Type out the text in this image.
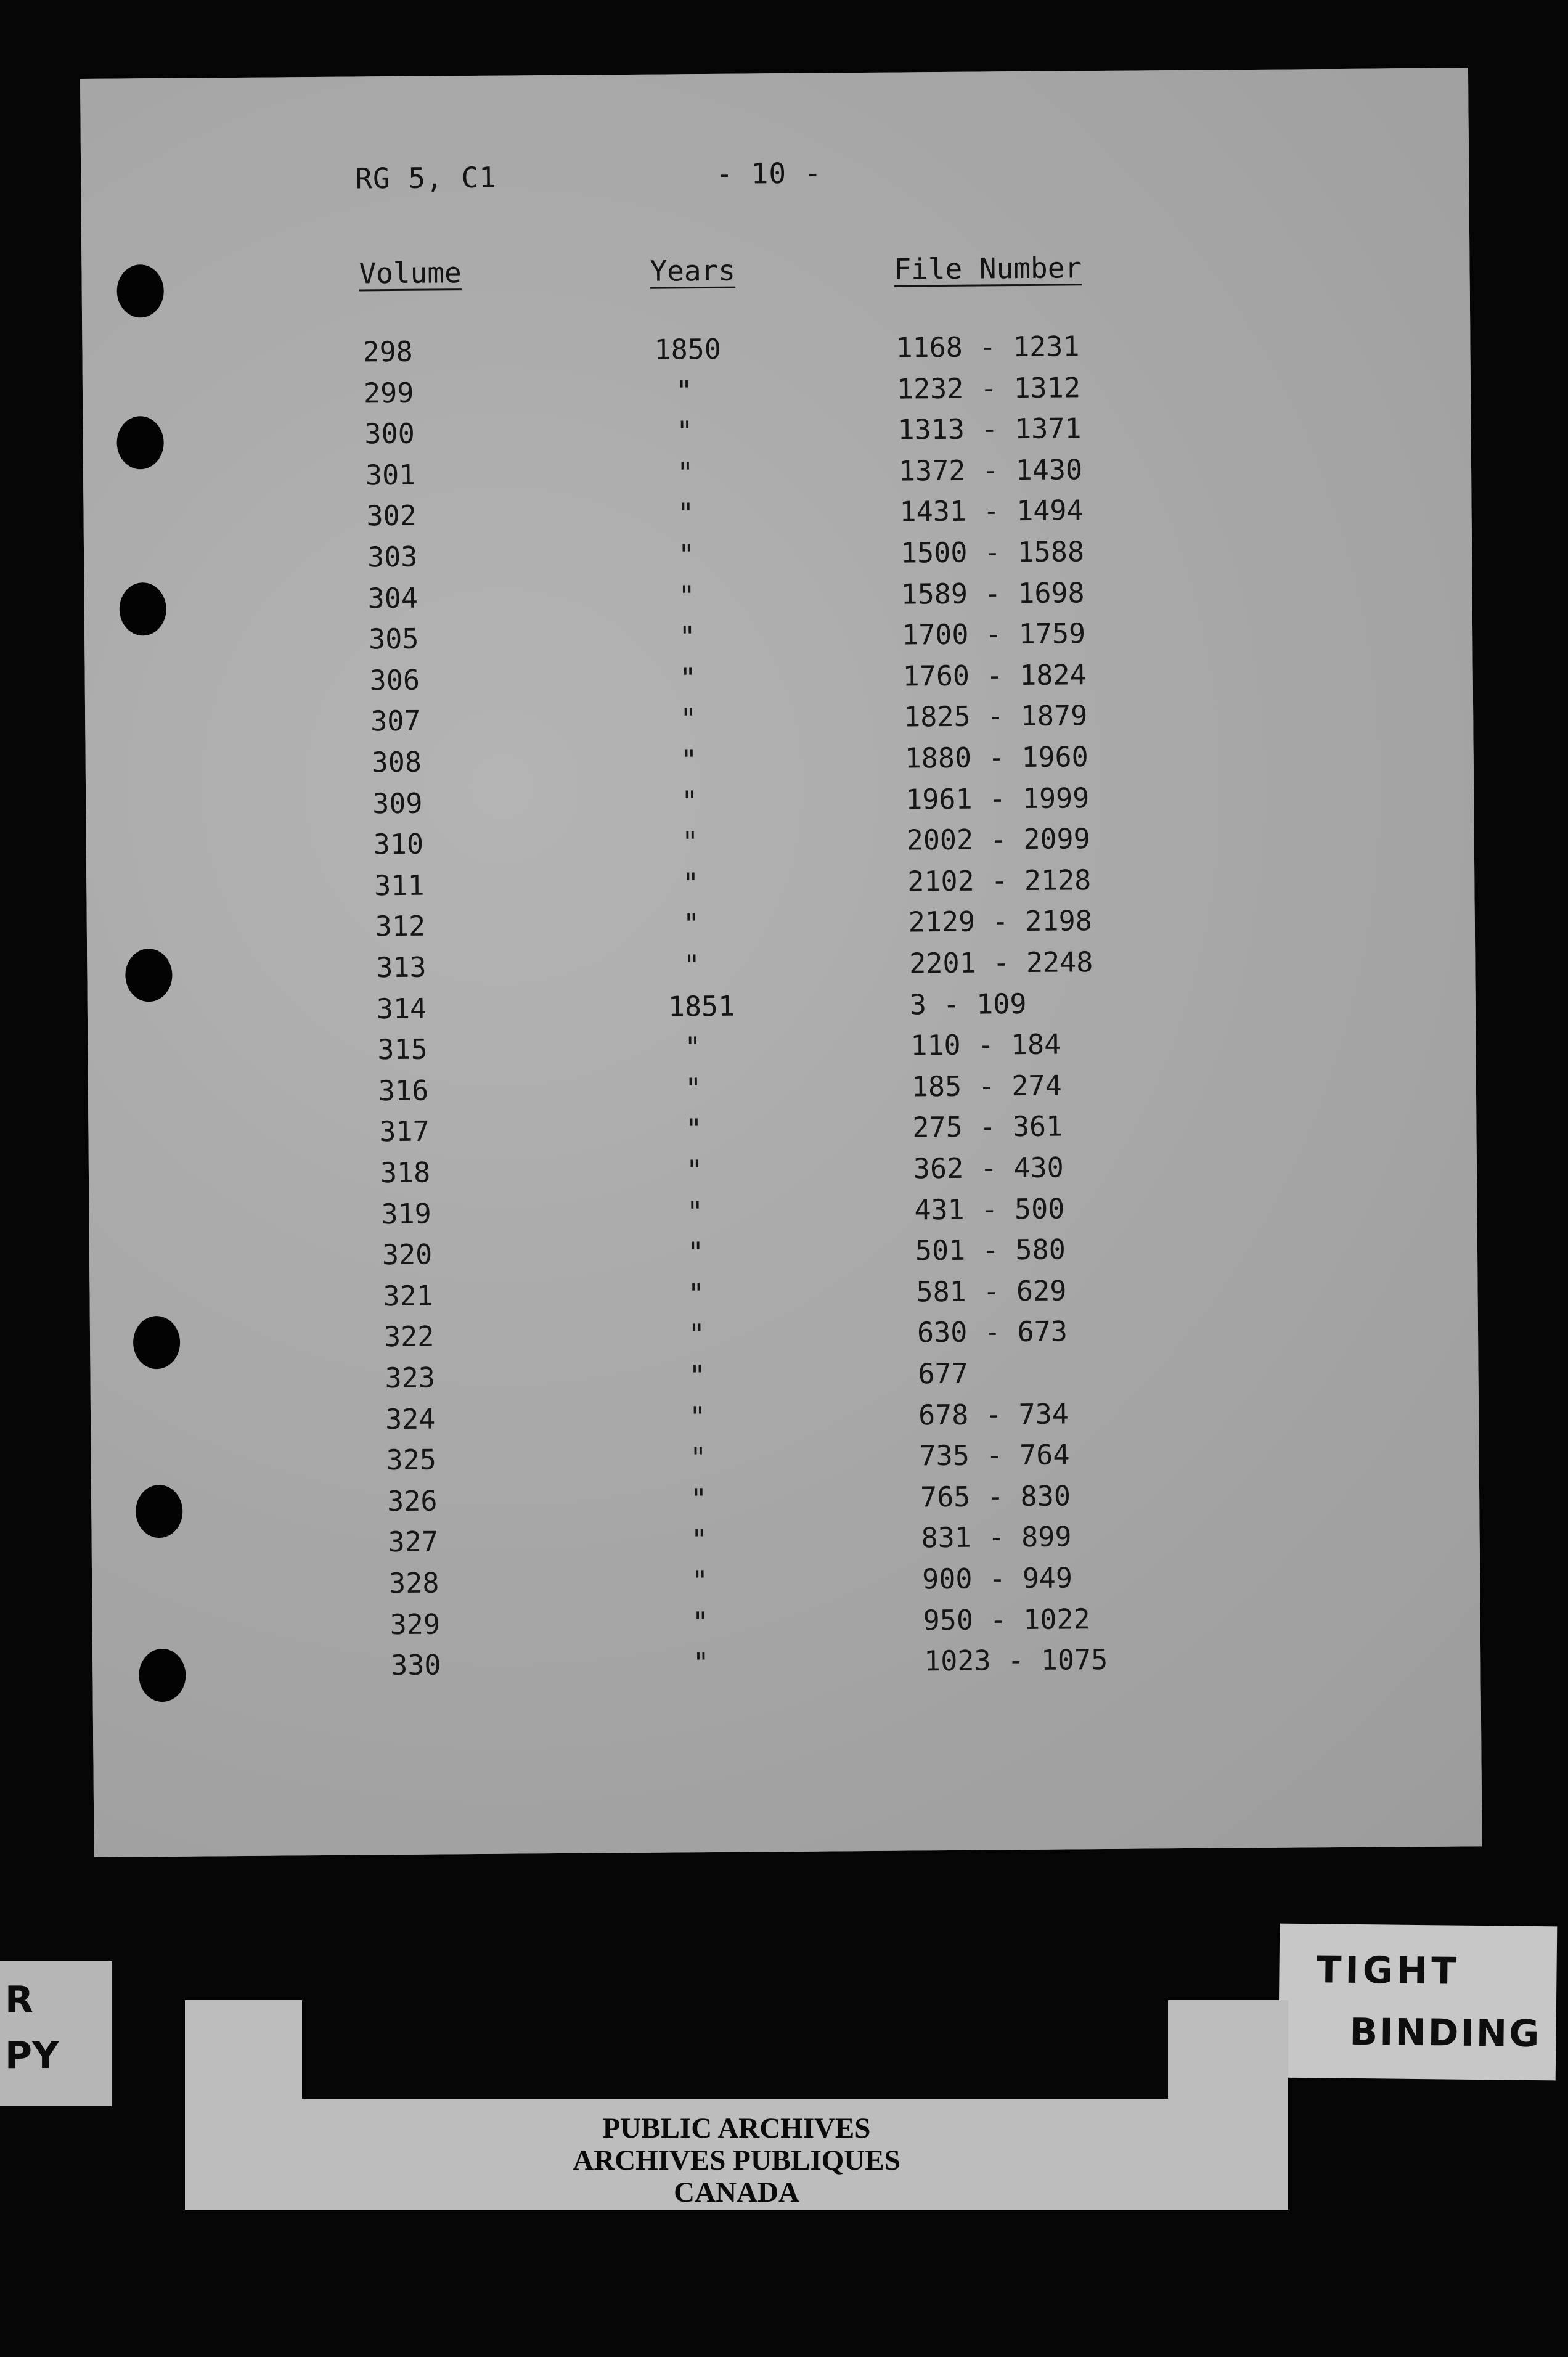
RG 5, C1	- 10 -
Volume	Years	File Number
298	1850	1168 - 1231
299	"	1232 - 1312
300	"	1313 - 1371
301	"	1372 - 1430
302	"	1431 - 1494
303	"	1500 - 1588
304	"	1589 - 1698
305	"	1700 - 1759
306	"	1760 - 1824
307	"	1825 - 1879
308	"	1880 - 1960
309	"	1961 - 1999
310	"	2002 - 2099
311	"	2102 - 2128
312	"	2129 - 2198
313	"	2201 - 2248
314	1851	3 - 109
315	"	110 - 184
316	"	185 - 274
317	"	275 - 361
318	"	362 - 430
319	"	431 - 500
320	"	501 - 580
321	"	581 - 629
322	"	630 - 673
323	"	677
324	"	678 - 734
325	"	735 - 764
326	"	765 - 830
327	"	831 - 899
328	"	900 - 949
329	"	950 - 1022
330	"	1023 - 1075
R
PY
TIGHT
BINDING
PUBLIC ARCHIVES
ARCHIVES PUBLIQUES
CANADA
